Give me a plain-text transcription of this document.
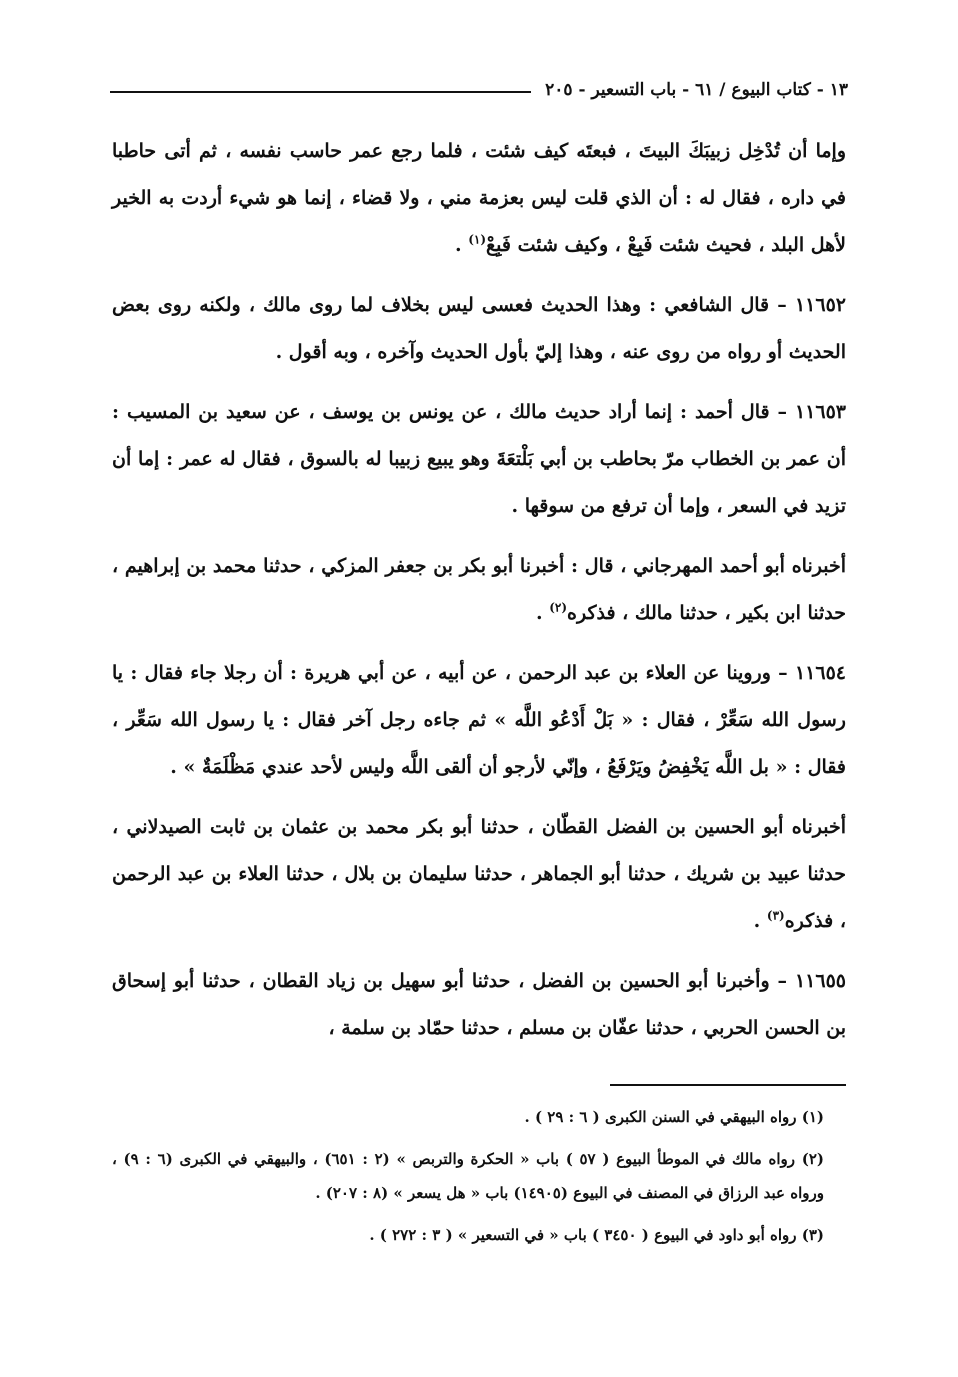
١٣ - كتاب البيوع / ٦١ - باب التسعير - ٢٠٥

وإما أن تُدْخِل زبيبَكَ البيتَ ، فبعتَه كيف شئت ، فلما رجع عمر حاسب نفسه ، ثم أتى حاطبا في داره ، فقال له : أن الذي قلت ليس بعزمة مني ، ولا قضاء ، إنما هو شيء أردت به الخير لأهل البلد ، فحيث شئت فَبِعْ ، وكيف شئت فَبِعْ$^{(١)}$ .

١١٦٥٢ – قال الشافعي : وهذا الحديث فعسى ليس بخلاف لما روى مالك ، ولكنه روى بعض الحديث أو رواه من روى عنه ، وهذا إليّ بأول الحديث وآخره ، وبه أقول .

١١٦٥٣ – قال أحمد : إنما أراد حديث مالك ، عن يونس بن يوسف ، عن سعيد بن المسيب : أن عمر بن الخطاب مرّ بحاطب بن أبي بَلْتعَةَ وهو يبيع زبيبا له بالسوق ، فقال له عمر : إما أن تزيد في السعر ، وإما أن ترفع من سوقها .

أخبرناه أبو أحمد المهرجاني ، قال : أخبرنا أبو بكر بن جعفر المزكي ، حدثنا محمد بن إبراهيم ، حدثنا ابن بكير ، حدثنا مالك ، فذكره$^{(٢)}$ .

١١٦٥٤ – وروينا عن العلاء بن عبد الرحمن ، عن أبيه ، عن أبي هريرة : أن رجلا جاء فقال : يا رسول الله سَعِّرْ ، فقال : « بَلْ أَدْعُو اللَّه » ثم جاءه رجل آخر فقال : يا رسول الله سَعِّر ، فقال : « بل اللَّه يَخْفِضُ ويَرْفَعُ ، وإنّي لأرجو أن ألقى اللَّه وليس لأحد عندي مَظْلَمَةٌ » .

أخبرناه أبو الحسين بن الفضل القطّان ، حدثنا أبو بكر محمد بن عثمان بن ثابت الصيدلاني ، حدثنا عبيد بن شريك ، حدثنا أبو الجماهر ، حدثنا سليمان بن بلال ، حدثنا العلاء بن عبد الرحمن ، فذكره$^{(٣)}$ .

١١٦٥٥ – وأخبرنا أبو الحسين بن الفضل ، حدثنا أبو سهيل بن زياد القطان ، حدثنا أبو إسحاق بن الحسن الحربي ، حدثنا عفّان بن مسلم ، حدثنا حمّاد بن سلمة ،

(١) رواه البيهقي في السنن الكبرى ( ٦ : ٢٩ ) .

(٢) رواه مالك في الموطأ البيوع ( ٥٧ ) باب « الحكرة والتربص » (٢ : ٦٥١) ، والبيهقي في الكبرى (٦ : ٩) ، ورواه عبد الرزاق في المصنف في البيوع (١٤٩٠٥) باب « هل يسعر » (٨ : ٢٠٧) .

(٣) رواه أبو داود في البيوع ( ٣٤٥٠ ) باب « في التسعير » ( ٣ : ٢٧٢ ) .
